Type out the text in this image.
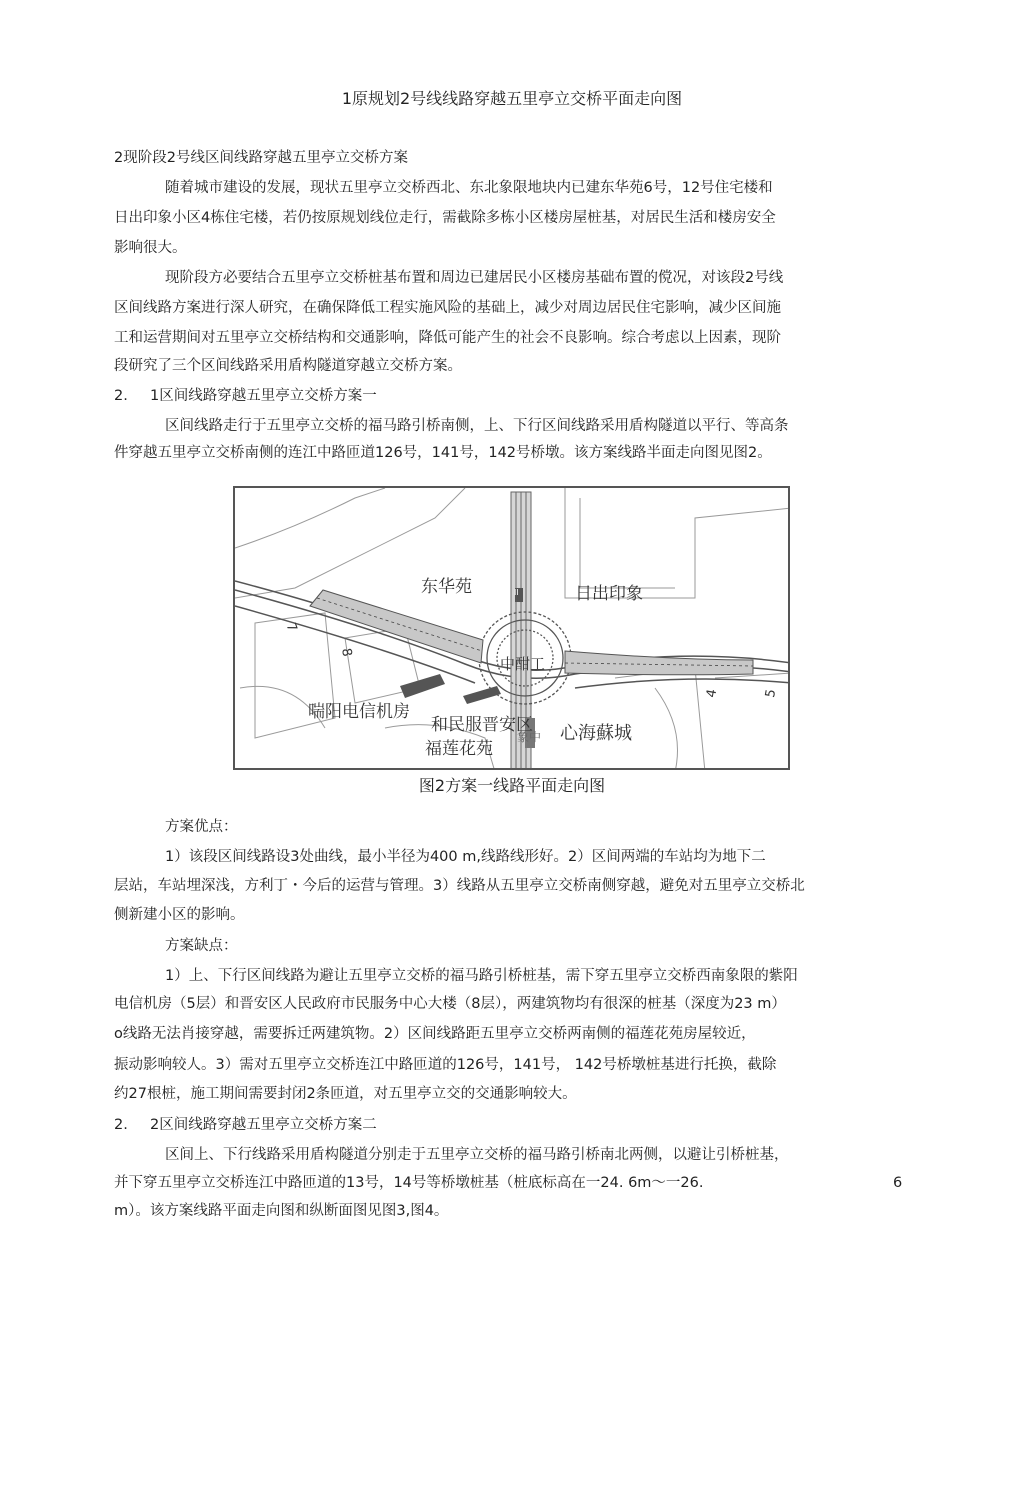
1原规划2号线线路穿越五里亭立交桥平面走向图
2现阶段2号线区间线路穿越五里亭立交桥方案
随着城市建设的发展，现状五里亭立交桥西北、东北象限地块内已建东华苑6号，12号住宅楼和
日出印象小区4栋住宅楼，若仍按原规划线位走行，需截除多栋小区楼房屋桩基，对居民生活和楼房安全
影响很大。
现阶段方必要结合五里亭立交桥桩基布置和周边已建居民小区楼房基础布置的傥况，对该段2号线
区间线路方案进行深人研究，在确保降低工程实施风险的基础上，减少对周边居民住宅影响，减少区间施
工和运营期间对五里亭立交桥结构和交通影响，降低可能产生的社会不良影响。综合考虑以上因素，现阶
段研究了三个区间线路采用盾构隧道穿越立交桥方案。
2. 1区间线路穿越五里亭立交桥方案一
区间线路走行于五里亭立交桥的福马路引桥南侧，上、下行区间线路采用盾构隧道以平行、等高条
件穿越五里亭立交桥南侧的连江中路匝道126号，141号，142号桥墩。该方案线路半面走向图见图2。
东华苑	日出印象
中酣工
喘阳电信机房
和民服晋安区
福莲花苑
心海蘇城
象中
II
7
8
4	5
图2方案一线路平面走向图
方案优点：
1）该段区间线路设3处曲线，最小半径为400 m,线路线形好。2）区间两端的车站均为地下二
层站，车站埋深浅，方利丁・今后的运营与管理。3）线路从五里亭立交桥南侧穿越，避免对五里亭立交桥北
侧新建小区的影响。
方案缺点：
1）上、下行区间线路为避让五里亭立交桥的福马路引桥桩基，需下穿五里亭立交桥西南象限的紫阳
电信机房（5层）和晋安区人民政府市民服务中心大楼（8层），两建筑物均有很深的桩基（深度为23 m）
o线路无法肖接穿越，需要拆迁两建筑物。2）区间线路距五里亭立交桥两南侧的福莲花苑房屋较近，
振动影响较人。3）需对五里亭立交桥连江中路匝道的126号，141号， 142号桥墩桩基进行托换，截除
约27根桩，施工期间需要封闭2条匝道，对五里亭立交的交通影响较大。
2. 2区间线路穿越五里亭立交桥方案二
区间上、下行线路采用盾构隧道分别走于五里亭立交桥的福马路引桥南北两侧，以避让引桥桩基，
并下穿五里亭立交桥连江中路匝道的13号，14号等桥墩桩基（桩底标高在一24. 6m～一26.	6
m）。该方案线路平面走向图和纵断面图见图3,图4。
